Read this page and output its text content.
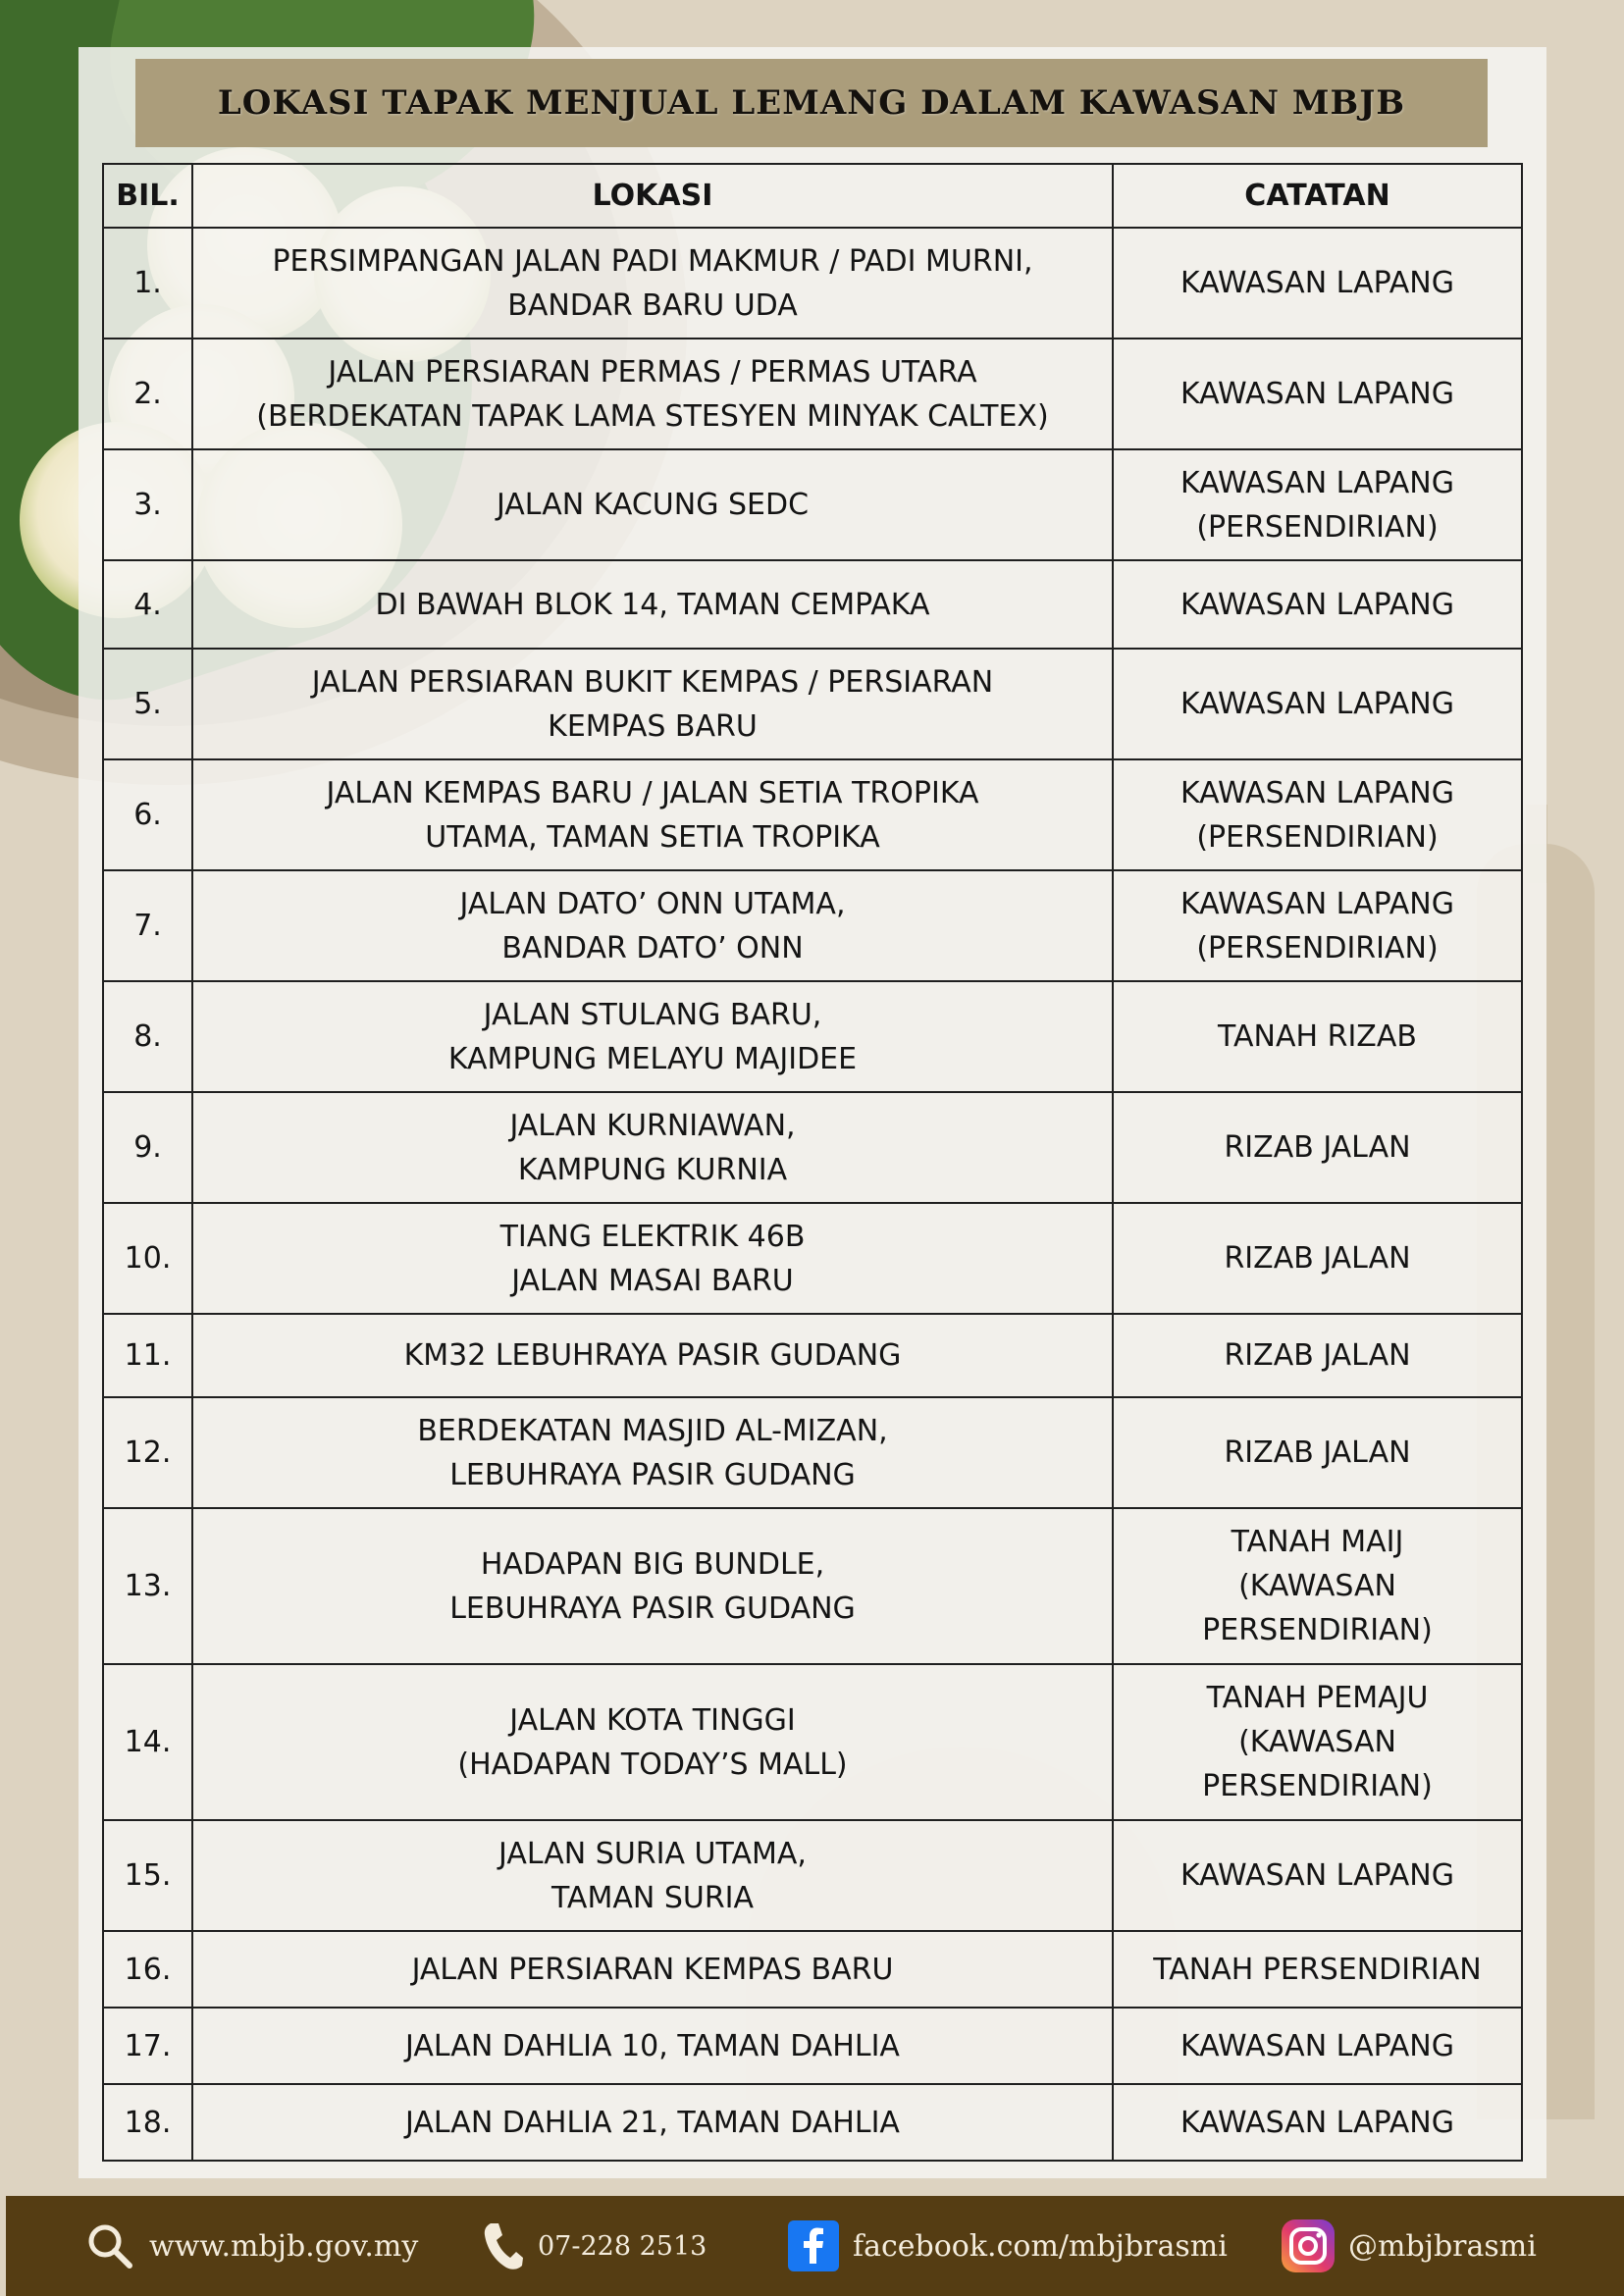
LOKASI TAPAK MENJUAL LEMANG DALAM KAWASAN MBJB
BIL.	LOKASI	CATATAN
1.	PERSIMPANGAN JALAN PADI MAKMUR / PADI MURNI,
BANDAR BARU UDA	KAWASAN LAPANG

2.	JALAN PERSIARAN PERMAS / PERMAS UTARA
(BERDEKATAN TAPAK LAMA STESYEN MINYAK CALTEX)	KAWASAN LAPANG

3.	JALAN KACUNG SEDC	KAWASAN LAPANG
(PERSENDIRIAN)

4.	DI BAWAH BLOK 14, TAMAN CEMPAKA	KAWASAN LAPANG

5.	JALAN PERSIARAN BUKIT KEMPAS / PERSIARAN
KEMPAS BARU	KAWASAN LAPANG

6.	JALAN KEMPAS BARU / JALAN SETIA TROPIKA
UTAMA, TAMAN SETIA TROPIKA	KAWASAN LAPANG
(PERSENDIRIAN)

7.	JALAN DATO’ ONN UTAMA,
BANDAR DATO’ ONN	KAWASAN LAPANG
(PERSENDIRIAN)

8.	JALAN STULANG BARU,
KAMPUNG MELAYU MAJIDEE	TANAH RIZAB

9.	JALAN KURNIAWAN,
KAMPUNG KURNIA	RIZAB JALAN

10.	TIANG ELEKTRIK 46B
JALAN MASAI BARU	RIZAB JALAN

11.	KM32 LEBUHRAYA PASIR GUDANG	RIZAB JALAN

12.	BERDEKATAN MASJID AL-MIZAN,
LEBUHRAYA PASIR GUDANG	RIZAB JALAN

13.	HADAPAN BIG BUNDLE,
LEBUHRAYA PASIR GUDANG	TANAH MAIJ
(KAWASAN
PERSENDIRIAN)

14.	JALAN KOTA TINGGI
(HADAPAN TODAY’S MALL)	TANAH PEMAJU
(KAWASAN
PERSENDIRIAN)

15.	JALAN SURIA UTAMA,
TAMAN SURIA	KAWASAN LAPANG

16.	JALAN PERSIARAN KEMPAS BARU	TANAH PERSENDIRIAN

17.	JALAN DAHLIA 10, TAMAN DAHLIA	KAWASAN LAPANG

18.	JALAN DAHLIA 21, TAMAN DAHLIA	KAWASAN LAPANG
www.mbjb.gov.my	07-228 2513	facebook.com/mbjbrasmi	@mbjbrasmi
